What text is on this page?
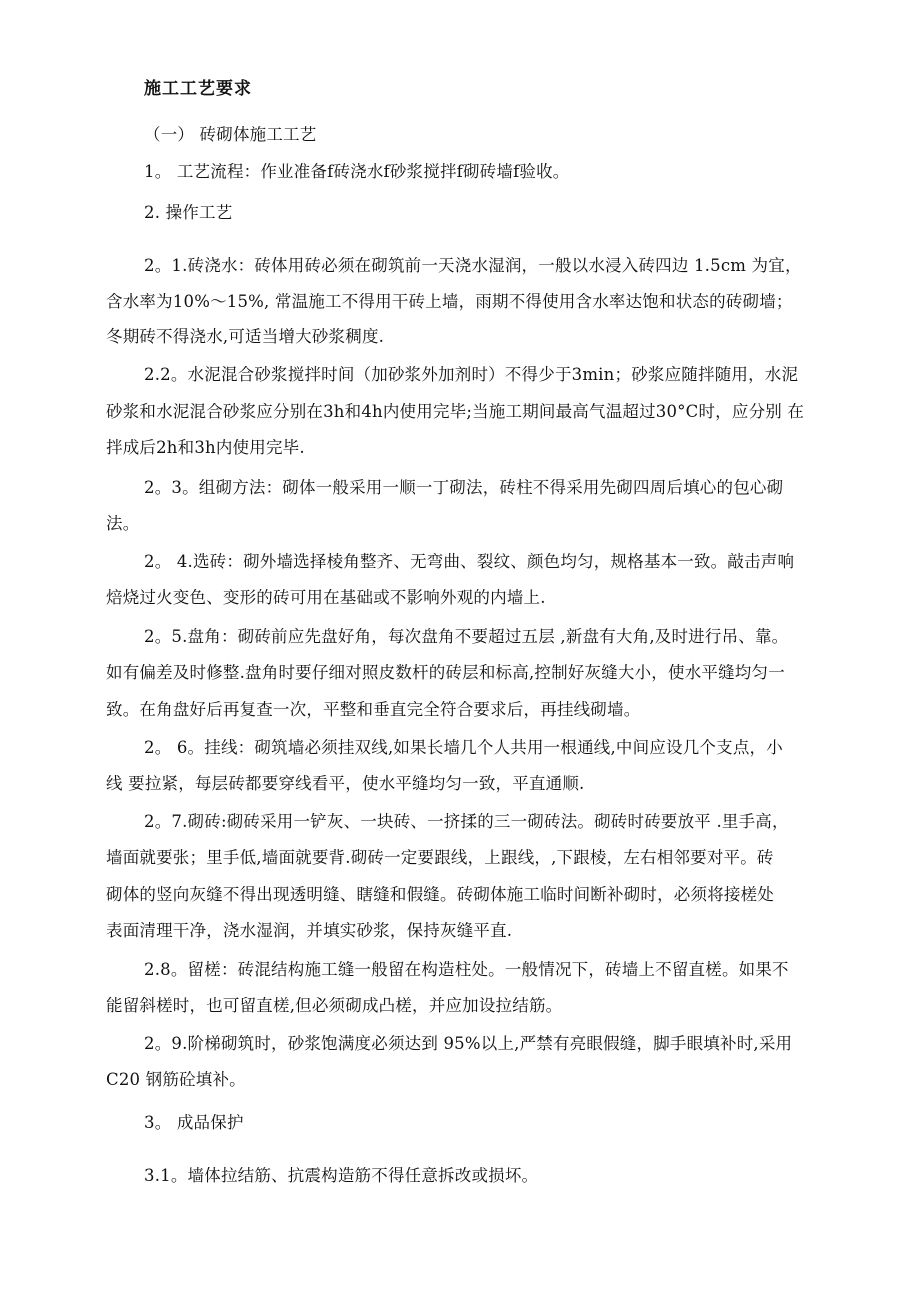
施工工艺要求
（一） 砖砌体施工工艺
1。 工艺流程：作业准备f砖浇水f砂浆搅拌f砌砖墙f验收。
2. 操作工艺
2。1.砖浇水：砖体用砖必须在砌筑前一天浇水湿润，一般以水浸入砖四边 1.5cm 为宜，
含水率为10%～15%, 常温施工不得用干砖上墙，雨期不得使用含水率达饱和状态的砖砌墙；
冬期砖不得浇水,可适当增大砂浆稠度.
2.2。水泥混合砂浆搅拌时间（加砂浆外加剂时）不得少于3min；砂浆应随拌随用，水泥
砂浆和水泥混合砂浆应分别在3h和4h内使用完毕;当施工期间最高气温超过30°C时，应分别 在
拌成后2h和3h内使用完毕.
2。3。组砌方法：砌体一般采用一顺一丁砌法，砖柱不得采用先砌四周后填心的包心砌
法。
2。 4.选砖：砌外墙选择棱角整齐、无弯曲、裂纹、颜色均匀，规格基本一致。敲击声响
焙烧过火变色、变形的砖可用在基础或不影响外观的内墙上.
2。5.盘角：砌砖前应先盘好角，每次盘角不要超过五层 ,新盘有大角,及时进行吊、靠。
如有偏差及时修整.盘角时要仔细对照皮数杆的砖层和标高,控制好灰缝大小，使水平缝均匀一
致。在角盘好后再复查一次，平整和垂直完全符合要求后，再挂线砌墙。
2。 6。挂线：砌筑墙必须挂双线,如果长墙几个人共用一根通线,中间应设几个支点，小
线 要拉紧，每层砖都要穿线看平，使水平缝均匀一致，平直通顺.
2。7.砌砖:砌砖采用一铲灰、一块砖、一挤揉的三一砌砖法。砌砖时砖要放平 .里手高，
墙面就要张；里手低,墙面就要背.砌砖一定要跟线，上跟线，,下跟棱，左右相邻要对平。砖
砌体的竖向灰缝不得出现透明缝、瞎缝和假缝。砖砌体施工临时间断补砌时，必须将接槎处
表面清理干净，浇水湿润，并填实砂浆，保持灰缝平直.
2.8。留槎：砖混结构施工缝一般留在构造柱处。一般情况下，砖墙上不留直槎。如果不
能留斜槎时，也可留直槎,但必须砌成凸槎，并应加设拉结筋。
2。9.阶梯砌筑时，砂浆饱满度必须达到 95%以上,严禁有亮眼假缝，脚手眼填补时,采用
C20 钢筋砼填补。
3。 成品保护
3.1。墙体拉结筋、抗震构造筋不得任意拆改或损坏。
